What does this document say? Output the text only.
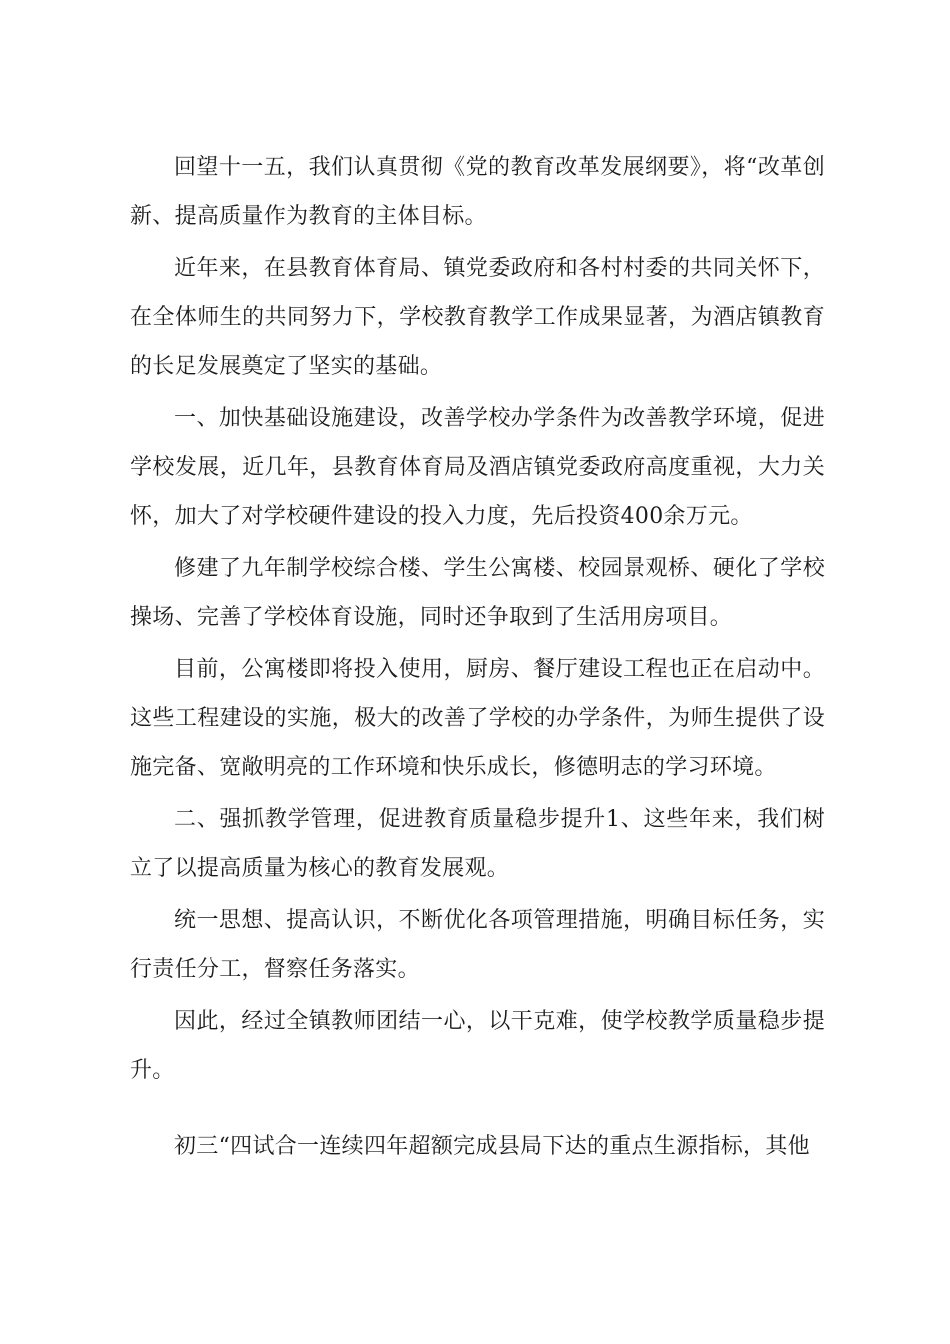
回望十一五，我们认真贯彻《党的教育改革发展纲要》，将“改革创新、提高质量作为教育的主体目标。

近年来，在县教育体育局、镇党委政府和各村村委的共同关怀下，在全体师生的共同努力下，学校教育教学工作成果显著，为酒店镇教育的长足发展奠定了坚实的基础。

一、加快基础设施建设，改善学校办学条件为改善教学环境，促进学校发展，近几年，县教育体育局及酒店镇党委政府高度重视，大力关怀，加大了对学校硬件建设的投入力度，先后投资400余万元。

修建了九年制学校综合楼、学生公寓楼、校园景观桥、硬化了学校操场、完善了学校体育设施，同时还争取到了生活用房项目。

目前，公寓楼即将投入使用，厨房、餐厅建设工程也正在启动中。这些工程建设的实施，极大的改善了学校的办学条件，为师生提供了设施完备、宽敞明亮的工作环境和快乐成长，修德明志的学习环境。

二、强抓教学管理，促进教育质量稳步提升1、这些年来，我们树立了以提高质量为核心的教育发展观。

统一思想、提高认识，不断优化各项管理措施，明确目标任务，实行责任分工，督察任务落实。

因此，经过全镇教师团结一心，以干克难，使学校教学质量稳步提升。

初三“四试合一连续四年超额完成县局下达的重点生源指标，其他
